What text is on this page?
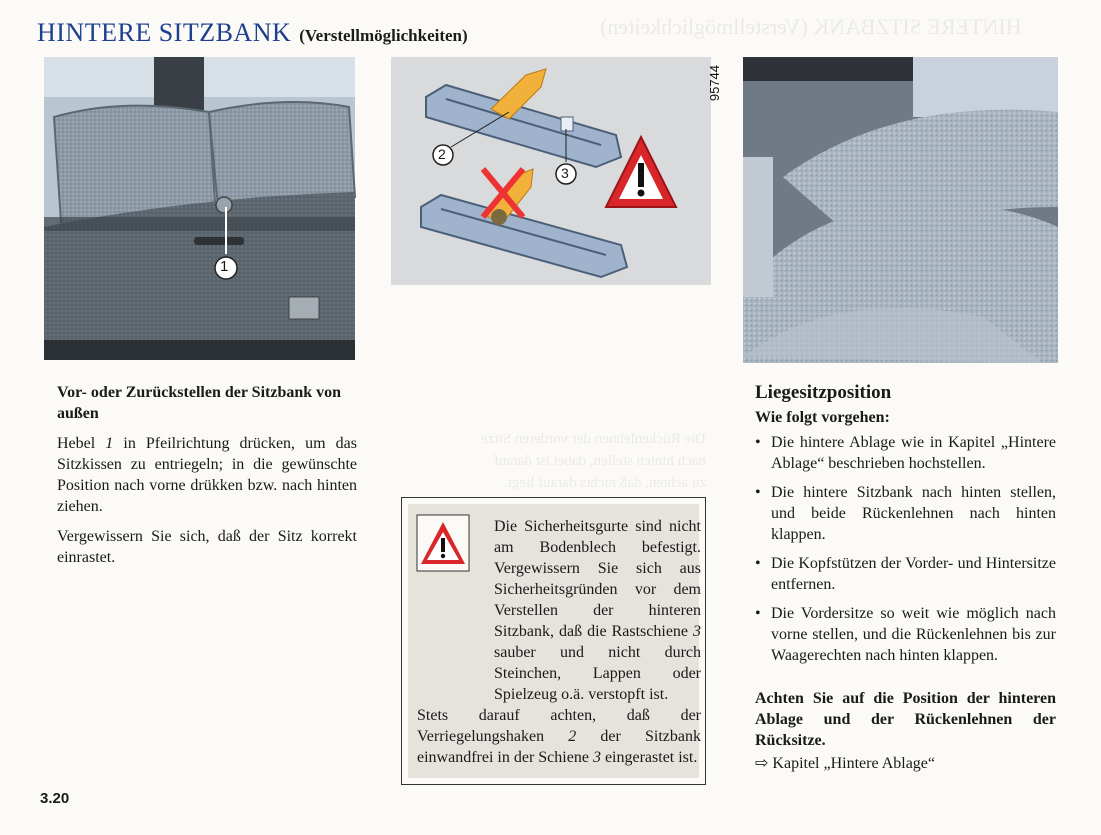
HINTERE SITZBANK (Verstellmöglichkeiten)
HINTERE SITZBANK (Verstellmöglichkeiten)
1
2
3
95744

Vor- oder Zurückstellen der Sitzbank von außen

Hebel 1 in Pfeilrichtung drücken, um das Sitzkissen zu entriegeln; in die gewünschte Position nach vorne drükken bzw. nach hinten ziehen.

Vergewissern Sie sich, daß der Sitz korrekt einrastet.

Die Rückenlehnen der vorderen Sitze
nach hinten stellen, dabei ist darauf
zu achten, daß nichts darauf liegt.
Die Sicherheitsgurte sind nicht am Bodenblech befestigt. Vergewissern Sie sich aus Sicherheitsgründen vor dem Verstellen der hinteren Sitzbank, daß die Rastschiene 3 sauber und nicht durch Steinchen, Lappen oder Spielzeug o.ä. verstopft ist.
Stets darauf achten, daß der Verriegelungshaken 2 der Sitzbank einwandfrei in der Schiene 3 eingerastet ist.

Liegesitzposition

Wie folgt vorgehen:

• Die hintere Ablage wie in Kapitel „Hintere Ablage“ beschrieben hochstellen.
• Die hintere Sitzbank nach hinten stellen, und beide Rückenlehnen nach hinten klappen.
• Die Kopfstützen der Vorder- und Hintersitze entfernen.
• Die Vordersitze so weit wie möglich nach vorne stellen, und die Rückenlehnen bis zur Waagerechten nach hinten klappen.

Achten Sie auf die Position der hinteren Ablage und der Rückenlehnen der Rücksitze.

⇨ Kapitel „Hintere Ablage“

3.20
